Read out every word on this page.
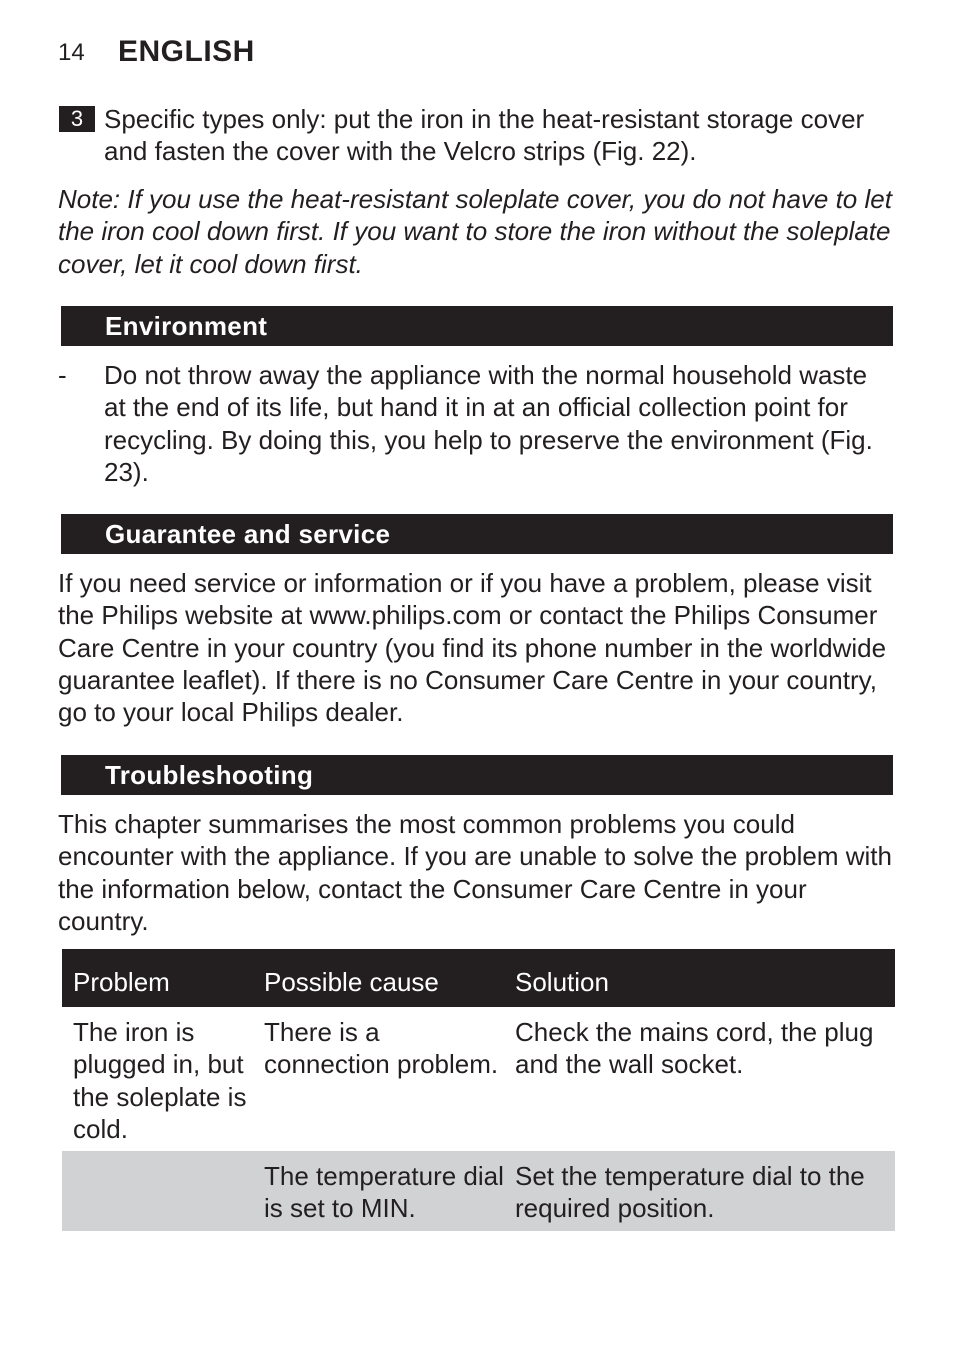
14 ENGLISH
3 Specific types only: put the iron in the heat-resistant storage cover and fasten the cover with the Velcro strips (Fig. 22).
Note: If you use the heat-resistant soleplate cover, you do not have to let the iron cool down first. If you want to store the iron without the soleplate cover, let it cool down first.
Environment
- Do not throw away the appliance with the normal household waste at the end of its life, but hand it in at an official collection point for recycling. By doing this, you help to preserve the environment (Fig. 23).
Guarantee and service
If you need service or information or if you have a problem, please visit the Philips website at www.philips.com or contact the Philips Consumer Care Centre in your country (you find its phone number in the worldwide guarantee leaflet). If there is no Consumer Care Centre in your country, go to your local Philips dealer.
Troubleshooting
This chapter summarises the most common problems you could encounter with the appliance. If you are unable to solve the problem with the information below, contact the Consumer Care Centre in your country.
Problem	Possible cause	Solution
The iron is plugged in, but the soleplate is cold.
There is a connection problem.
Check the mains cord, the plug and the wall socket.
The temperature dial is set to MIN.
Set the temperature dial to the required position.
